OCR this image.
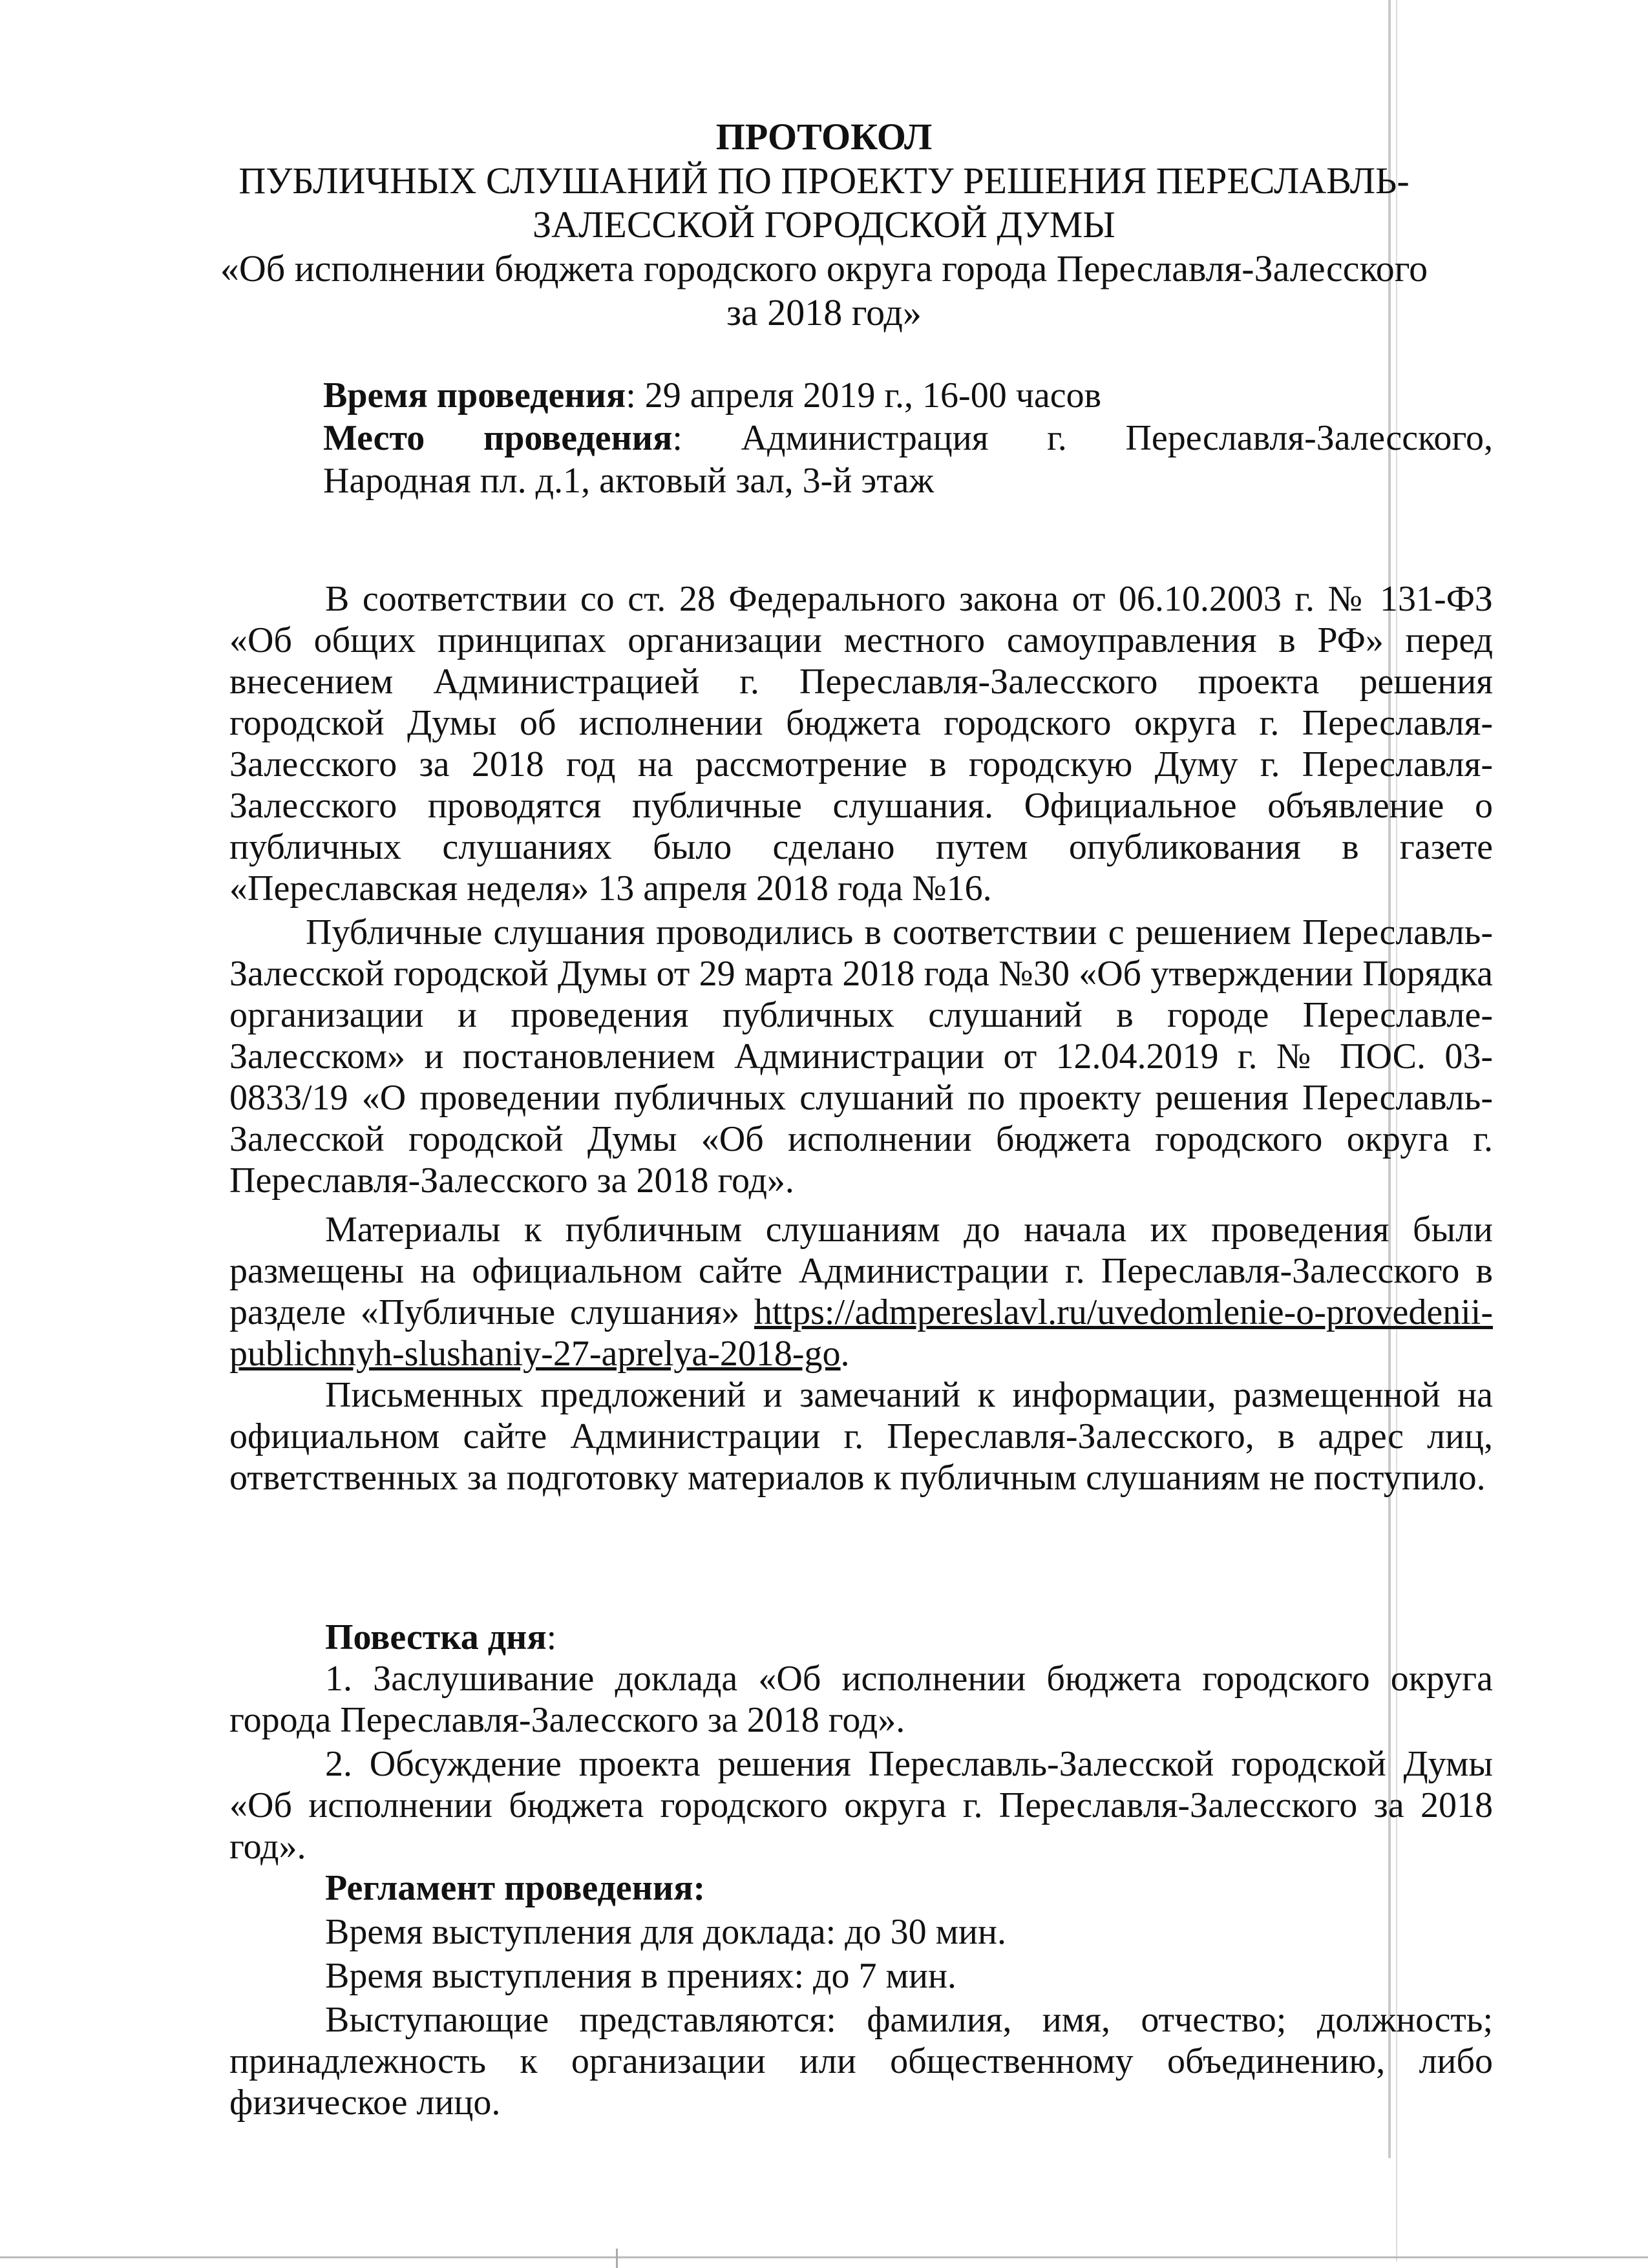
ПРОТОКОЛ
ПУБЛИЧНЫХ СЛУШАНИЙ ПО ПРОЕКТУ РЕШЕНИЯ ПЕРЕСЛАВЛЬ-
ЗАЛЕССКОЙ ГОРОДСКОЙ ДУМЫ
«Об исполнении бюджета городского округа города Переславля-Залесского
за 2018 год»
Время проведения: 29 апреля 2019 г., 16-00 часов
Место проведения: Администрация г. Переславля-Залесского,
Народная пл. д.1, актовый зал, 3-й этаж

В соответствии со ст. 28 Федерального закона от 06.10.2003 г. № 131-ФЗ «Об общих принципах организации местного самоуправления в РФ» перед внесением Администрацией г. Переславля-Залесского проекта решения городской Думы об исполнении бюджета городского округа г. Переславля-Залесского за 2018 год на рассмотрение в городскую Думу г. Переславля-Залесского проводятся публичные слушания. Официальное объявление о публичных слушаниях было сделано путем опубликования в газете «Переславская неделя» 13 апреля 2018 года №16.

Публичные слушания проводились в соответствии с решением Переславль-Залесской городской Думы от 29 марта 2018 года №30 «Об утверждении Порядка организации и проведения публичных слушаний в городе Переславле-Залесском» и постановлением Администрации от 12.04.2019 г. № ПОС. 03-0833/19 «О проведении публичных слушаний по проекту решения Переславль-Залесской городской Думы «Об исполнении бюджета городского округа г. Переславля-Залесского за 2018 год».

Материалы к публичным слушаниям до начала их проведения были размещены на официальном сайте Администрации г. Переславля-Залесского в разделе «Публичные слушания» https://admpereslavl.ru/uvedomlenie-o-provedenii-publichnyh-slushaniy-27-aprelya-2018-go.

Письменных предложений и замечаний к информации, размещенной на официальном сайте Администрации г. Переславля-Залесского, в адрес лиц, ответственных за подготовку материалов к публичным слушаниям не поступило.

Повестка дня:

1. Заслушивание доклада «Об исполнении бюджета городского округа города Переславля-Залесского за 2018 год».

2. Обсуждение проекта решения Переславль-Залесской городской Думы «Об исполнении бюджета городского округа г. Переславля-Залесского за 2018 год».

Регламент проведения:

Время выступления для доклада: до 30 мин.

Время выступления в прениях: до 7 мин.

Выступающие представляются: фамилия, имя, отчество; должность; принадлежность к организации или общественному объединению, либо физическое лицо.
